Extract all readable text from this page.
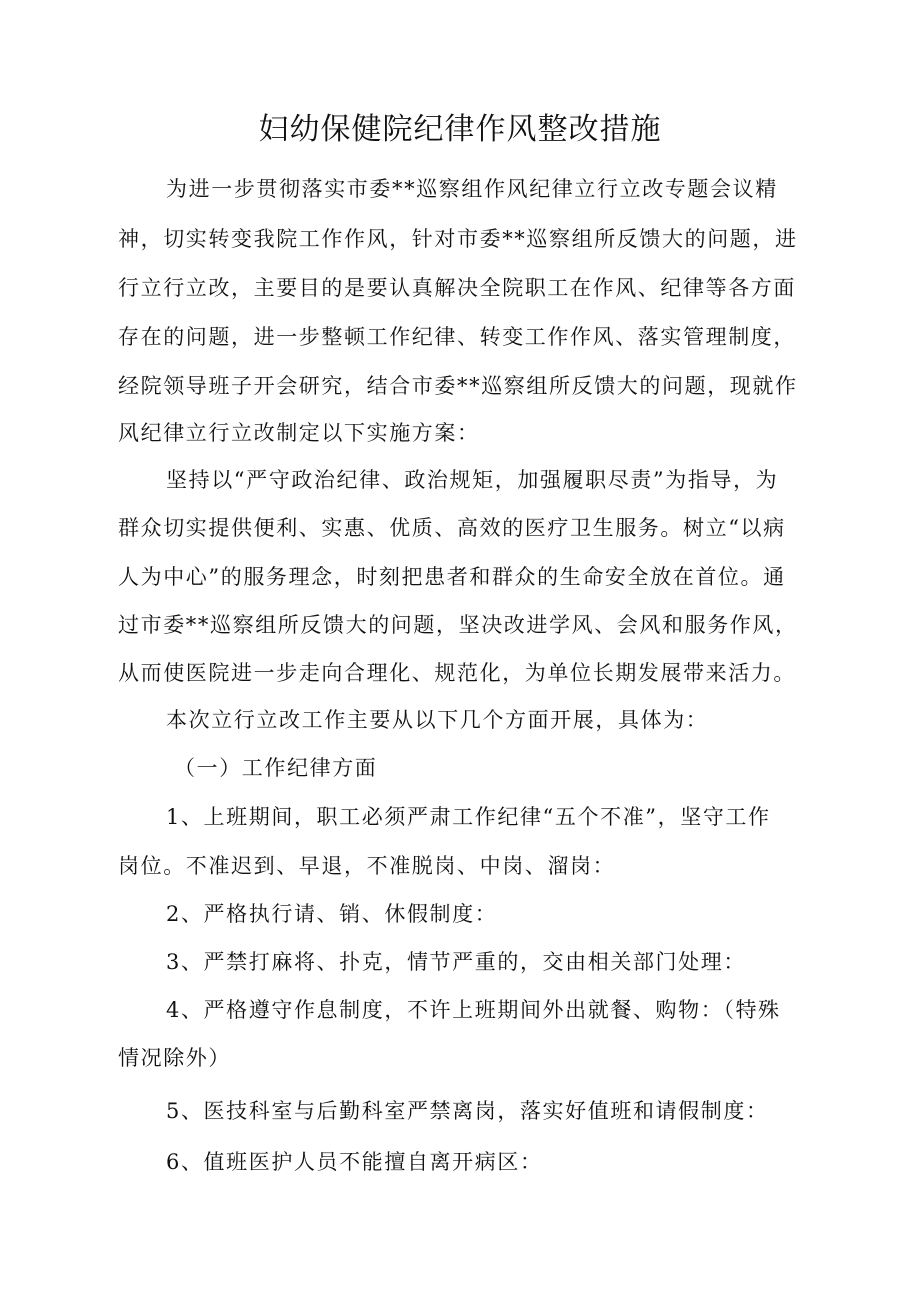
妇幼保健院纪律作风整改措施
为进一步贯彻落实市委**巡察组作风纪律立行立改专题会议精
神，切实转变我院工作作风，针对市委**巡察组所反馈大的问题，进
行立行立改，主要目的是要认真解决全院职工在作风、纪律等各方面
存在的问题，进一步整顿工作纪律、转变工作作风、落实管理制度，
经院领导班子开会研究，结合市委**巡察组所反馈大的问题，现就作
风纪律立行立改制定以下实施方案：
坚持以“严守政治纪律、政治规矩，加强履职尽责”为指导，为
群众切实提供便利、实惠、优质、高效的医疗卫生服务。树立“以病
人为中心”的服务理念，时刻把患者和群众的生命安全放在首位。通
过市委**巡察组所反馈大的问题，坚决改进学风、会风和服务作风，
从而使医院进一步走向合理化、规范化，为单位长期发展带来活力。
本次立行立改工作主要从以下几个方面开展，具体为：
（一）工作纪律方面
1、上班期间，职工必须严肃工作纪律“五个不准”，坚守工作
岗位。不准迟到、早退，不准脱岗、中岗、溜岗：
2、严格执行请、销、休假制度：
3、严禁打麻将、扑克，情节严重的，交由相关部门处理：
4、严格遵守作息制度，不许上班期间外出就餐、购物：（特殊
情况除外）
5、医技科室与后勤科室严禁离岗，落实好值班和请假制度：
6、值班医护人员不能擅自离开病区：
